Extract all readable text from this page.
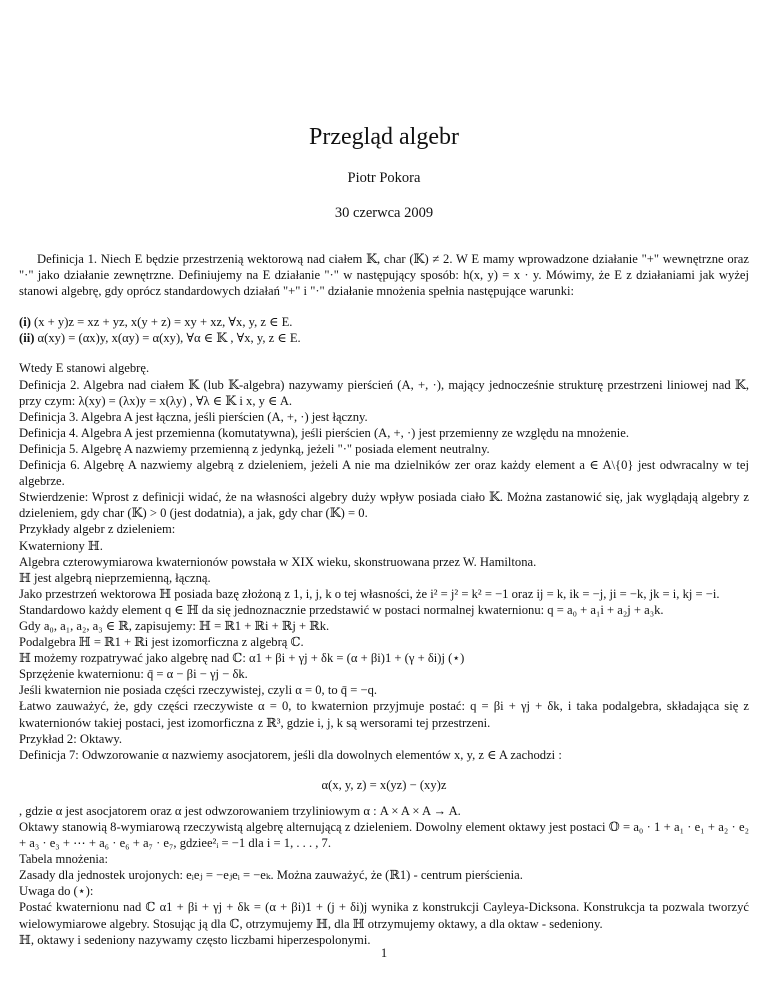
Przegląd algebr
Piotr Pokora
30 czerwca 2009

Definicja 1. Niech E będzie przestrzenią wektorową nad ciałem 𝕂, char (𝕂) ≠ 2. W E mamy wprowadzone działanie "+" wewnętrzne oraz "·" jako działanie zewnętrzne. Definiujemy na E działanie "·" w następujący sposób: h(x, y) = x · y. Mówimy, że E z działaniami jak wyżej stanowi algebrę, gdy oprócz standardowych działań "+" i "·" działanie mnożenia spełnia następujące warunki:

(i) (x + y)z = xz + yz, x(y + z) = xy + xz, ∀x, y, z ∈ E.

(ii) α(xy) = (αx)y, x(αy) = α(xy), ∀α ∈ 𝕂 , ∀x, y, z ∈ E.

Wtedy E stanowi algebrę.

Definicja 2. Algebra nad ciałem 𝕂 (lub 𝕂-algebra) nazywamy pierścień (A, +, ·), mający jednocześnie strukturę przestrzeni liniowej nad 𝕂, przy czym: λ(xy) = (λx)y = x(λy) , ∀λ ∈ 𝕂 i x, y ∈ A.

Definicja 3. Algebra A jest łączna, jeśli pierścien (A, +, ·) jest łączny.

Definicja 4. Algebra A jest przemienna (komutatywna), jeśli pierścien (A, +, ·) jest przemienny ze względu na mnożenie.

Definicja 5. Algebrę A nazwiemy przemienną z jedynką, jeżeli "·" posiada element neutralny.

Definicja 6. Algebrę A nazwiemy algebrą z dzieleniem, jeżeli A nie ma dzielników zer oraz każdy element a ∈ A\{0} jest odwracalny w tej algebrze.

Stwierdzenie: Wprost z definicji widać, że na własności algebry duży wpływ posiada ciało 𝕂. Można zastanowić się, jak wyglądają algebry z dzieleniem, gdy char (𝕂) > 0 (jest dodatnia), a jak, gdy char (𝕂) = 0.

Przykłady algebr z dzieleniem:

Kwaterniony ℍ.

Algebra czterowymiarowa kwaternionów powstała w XIX wieku, skonstruowana przez W. Hamiltona.

ℍ jest algebrą nieprzemienną, łączną.

Jako przestrzeń wektorowa ℍ posiada bazę złożoną z 1, i, j, k o tej własności, że i² = j² = k² = −1 oraz ij = k, ik = −j, ji = −k, jk = i, kj = −i.

Standardowo każdy element q ∈ ℍ da się jednoznacznie przedstawić w postaci normalnej kwaternionu: q = a₀ + a₁i + a₂j + a₃k.

Gdy a₀, a₁, a₂, a₃ ∈ ℝ, zapisujemy: ℍ = ℝ1 + ℝi + ℝj + ℝk.

Podalgebra ℍ = ℝ1 + ℝi jest izomorficzna z algebrą ℂ.

ℍ możemy rozpatrywać jako algebrę nad ℂ: α1 + βi + γj + δk = (α + βi)1 + (γ + δi)j (⋆)

Sprzężenie kwaternionu: q̄ = α − βi − γj − δk.

Jeśli kwaternion nie posiada części rzeczywistej, czyli α = 0, to q̄ = −q.

Łatwo zauważyć, że, gdy części rzeczywiste α = 0, to kwaternion przyjmuje postać: q = βi + γj + δk, i taka podalgebra, składająca się z kwaternionów takiej postaci, jest izomorficzna z ℝ³, gdzie i, j, k są wersorami tej przestrzeni.

Przykład 2: Oktawy.

Definicja 7: Odwzorowanie α nazwiemy asocjatorem, jeśli dla dowolnych elementów x, y, z ∈ A zachodzi :

α(x, y, z) = x(yz) − (xy)z

, gdzie α jest asocjatorem oraz α jest odwzorowaniem trzyliniowym α : A × A × A → A.

Oktawy stanowią 8-wymiarową rzeczywistą algebrę alternującą z dzieleniem. Dowolny element oktawy jest postaci 𝕆 = a₀ · 1 + a₁ · e₁ + a₂ · e₂ + a₃ · e₃ + ⋯ + a₆ · e₆ + a₇ · e₇, gdziee²ᵢ = −1 dla i = 1, . . . , 7.

Tabela mnożenia:

Zasady dla jednostek urojonych: eᵢeⱼ = −eⱼeᵢ = −eₖ. Można zauważyć, że (ℝ1) - centrum pierścienia.

Uwaga do (⋆):

Postać kwaternionu nad ℂ α1 + βi + γj + δk = (α + βi)1 + (j + δi)j wynika z konstrukcji Cayleya-Dicksona. Konstrukcja ta pozwala tworzyć wielowymiarowe algebry. Stosując ją dla ℂ, otrzymujemy ℍ, dla ℍ otrzymujemy oktawy, a dla oktaw - sedeniony.

ℍ, oktawy i sedeniony nazywamy często liczbami hiperzespolonymi.

1
